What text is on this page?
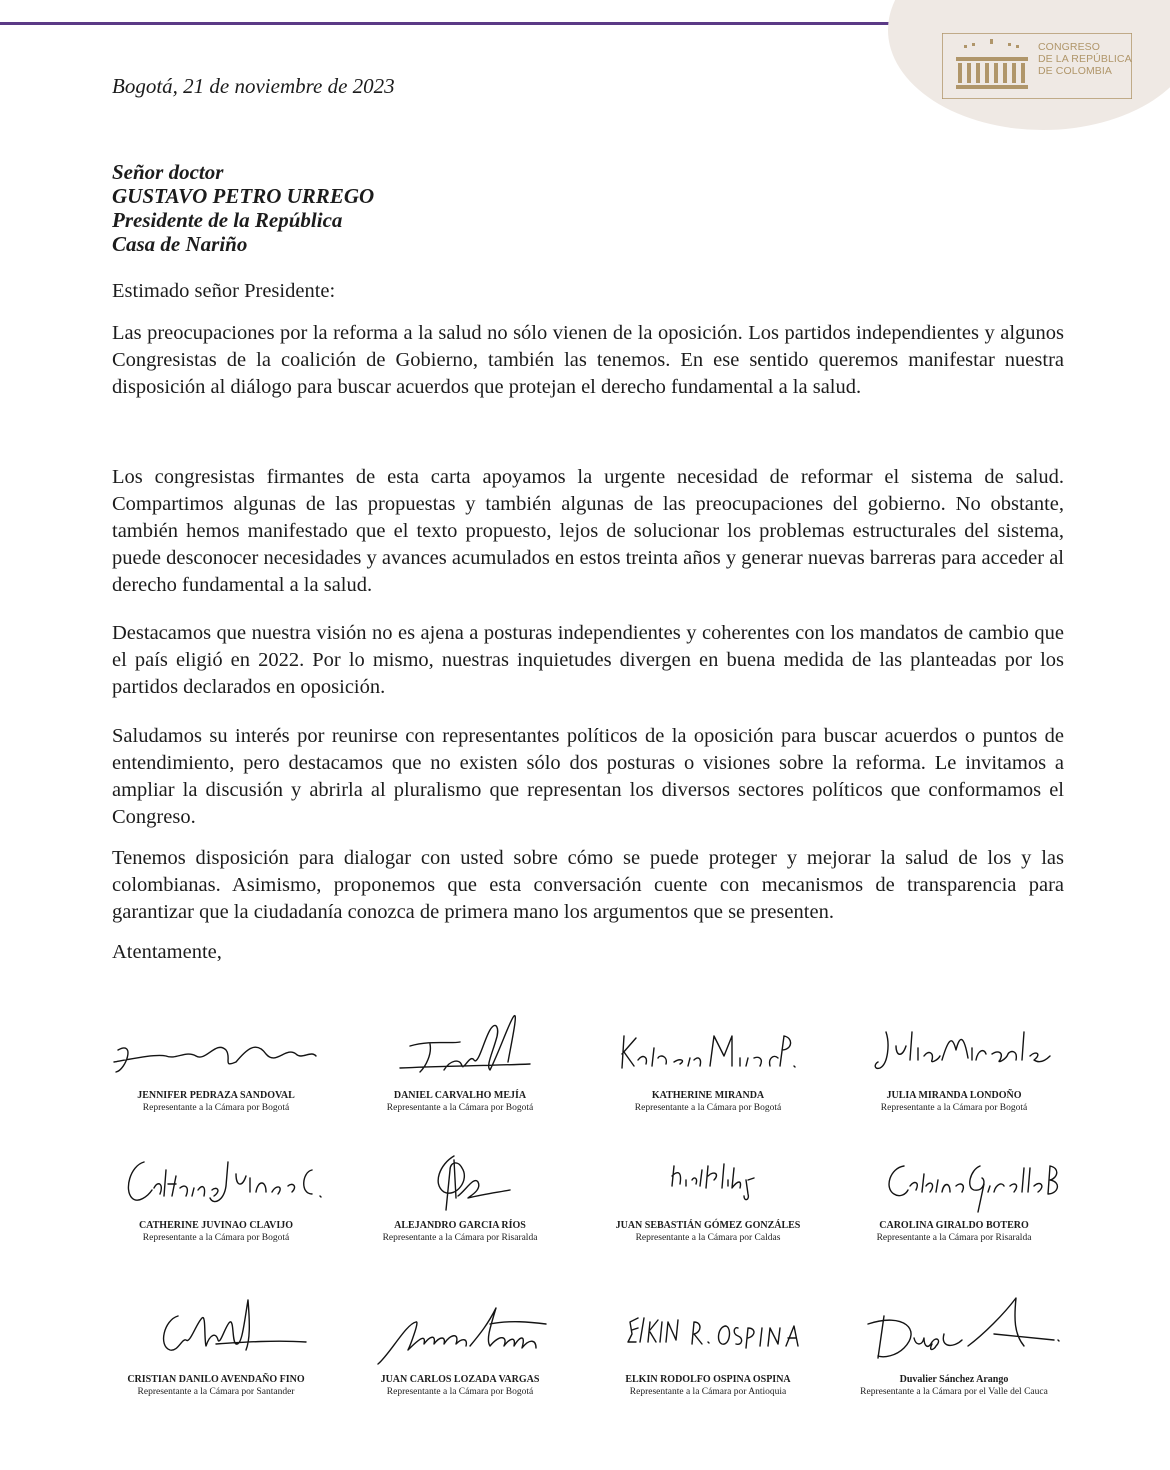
CONGRESO
DE LA REPÚBLICA
DE COLOMBIA
Bogotá, 21 de noviembre de 2023
Señor doctor
GUSTAVO PETRO URREGO
Presidente de la República
Casa de Nariño
Estimado señor Presidente:

Las preocupaciones por la reforma a la salud no sólo vienen de la oposición. Los partidos independientes y algunos Congresistas de la coalición de Gobierno, también las tenemos. En ese sentido queremos manifestar nuestra disposición al diálogo para buscar acuerdos que protejan el derecho fundamental a la salud.

Los congresistas firmantes de esta carta apoyamos la urgente necesidad de reformar el sistema de salud. Compartimos algunas de las propuestas y también algunas de las preocupaciones del gobierno. No obstante, también hemos manifestado que el texto propuesto, lejos de solucionar los problemas estructurales del sistema, puede desconocer necesidades y avances acumulados en estos treinta años y generar nuevas barreras para acceder al derecho fundamental a la salud.

Destacamos que nuestra visión no es ajena a posturas independientes y coherentes con los mandatos de cambio que el país eligió en 2022. Por lo mismo, nuestras inquietudes divergen en buena medida de las planteadas por los partidos declarados en oposición.

Saludamos su interés por reunirse con representantes políticos de la oposición para buscar acuerdos o puntos de entendimiento, pero destacamos que no existen sólo dos posturas o visiones sobre la reforma. Le invitamos a ampliar la discusión y abrirla al pluralismo que representan los diversos sectores políticos que conformamos el Congreso.

Tenemos disposición para dialogar con usted sobre cómo se puede proteger y mejorar la salud de los y las colombianas. Asimismo, proponemos que esta conversación cuente con mecanismos de transparencia para garantizar que la ciudadanía conozca de primera mano los argumentos que se presenten.

Atentamente,
JENNIFER PEDRAZA SANDOVAL
Representante a la Cámara por Bogotá
DANIEL CARVALHO MEJÍA
Representante a la Cámara por Bogotá
KATHERINE MIRANDA
Representante a la Cámara por Bogotá
JULIA MIRANDA LONDOÑO
Representante a la Cámara por Bogotá
CATHERINE JUVINAO CLAVIJO
Representante a la Cámara por Bogotá
ALEJANDRO GARCIA RÍOS
Representante a la Cámara por Risaralda
JUAN SEBASTIÁN GÓMEZ GONZÁLES
Representante a la Cámara por Caldas
CAROLINA GIRALDO BOTERO
Representante a la Cámara por Risaralda
CRISTIAN DANILO AVENDAÑO FINO
Representante a la Cámara por Santander
JUAN CARLOS LOZADA VARGAS
Representante a la Cámara por Bogotá
ELKIN RODOLFO OSPINA OSPINA
Representante a la Cámara por Antioquia
Duvalier Sánchez Arango
Representante a la Cámara por el Valle del Cauca
